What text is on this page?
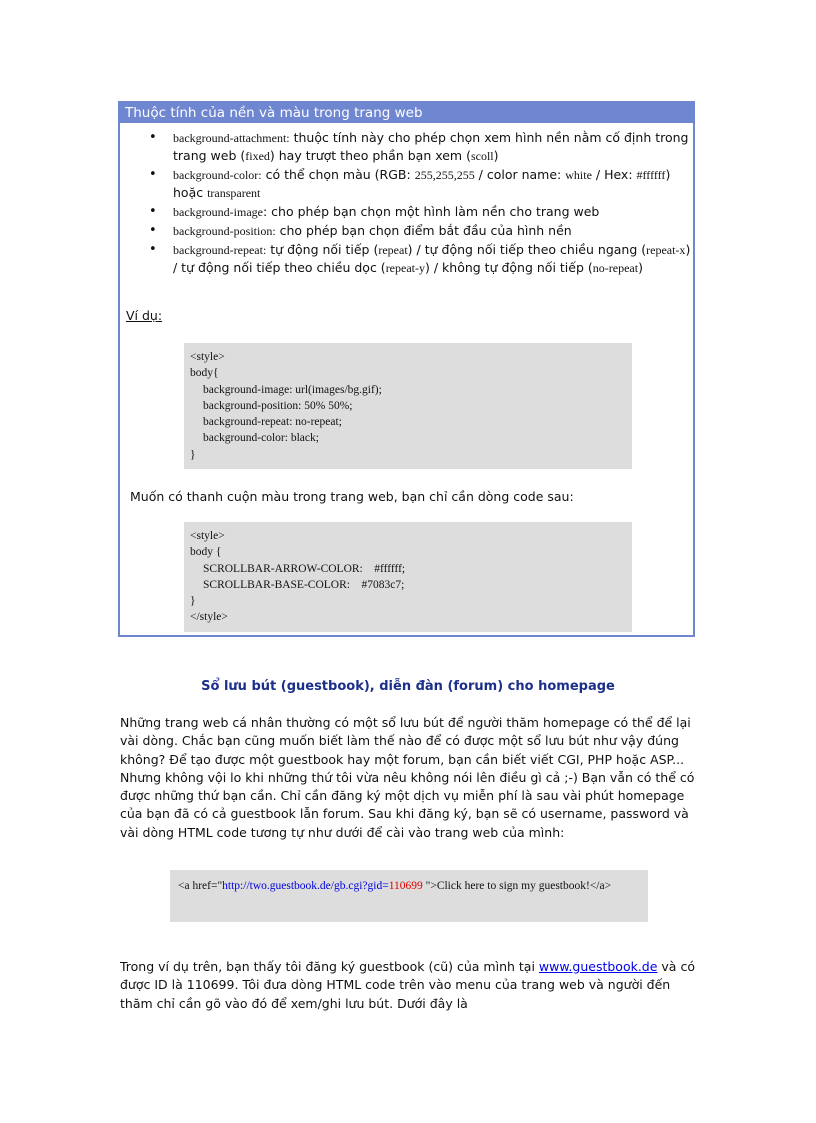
Thuộc tính của nền và màu trong trang web
• background-attachment: thuộc tính này cho phép chọn xem hình nền nằm cố định trong trang web (fixed) hay trượt theo phần bạn xem (scoll)
• background-color: có thể chọn màu (RGB: 255,255,255 / color name: white / Hex: #ffffff) hoặc transparent
• background-image: cho phép bạn chọn một hình làm nền cho trang web
• background-position: cho phép bạn chọn điểm bắt đầu của hình nền
• background-repeat: tự động nối tiếp (repeat) / tự động nối tiếp theo chiều ngang (repeat-x) / tự động nối tiếp theo chiều dọc (repeat-y) / không tự động nối tiếp (no-repeat)
Ví dụ:
<style>
body{
background-image: url(images/bg.gif);
background-position: 50% 50%;
background-repeat: no-repeat;
background-color: black;
}
Muốn có thanh cuộn màu trong trang web, bạn chỉ cần dòng code sau:
<style>
body {
SCROLLBAR-ARROW-COLOR:    #ffffff;
SCROLLBAR-BASE-COLOR:    #7083c7;
}
</style>
Sổ lưu bút (guestbook), diễn đàn (forum) cho homepage
Những trang web cá nhân thường có một sổ lưu bút để người thăm homepage có thể để lại vài dòng. Chắc bạn cũng muốn biết làm thế nào để có được một sổ lưu bút như vậy đúng không? Để tạo được một guestbook hay một forum, bạn cần biết viết CGI, PHP hoặc ASP... Nhưng không vội lo khi những thứ tôi vừa nêu không nói lên điều gì cả ;-) Bạn vẫn có thể có được những thứ bạn cần. Chỉ cần đăng ký một dịch vụ miễn phí là sau vài phút homepage của bạn đã có cả guestbook lẫn forum. Sau khi đăng ký, bạn sẽ có username, password và vài dòng HTML code tương tự như dưới để cài vào trang web của mình:
<a href="http://two.guestbook.de/gb.cgi?gid=110699 ">Click here to sign my guestbook!</a>
Trong ví dụ trên, bạn thấy tôi đăng ký guestbook (cũ) của mình tại www.guestbook.de và có được ID là 110699. Tôi đưa dòng HTML code trên vào menu của trang web và người đến thăm chỉ cần gõ vào đó để xem/ghi lưu bút. Dưới đây là
